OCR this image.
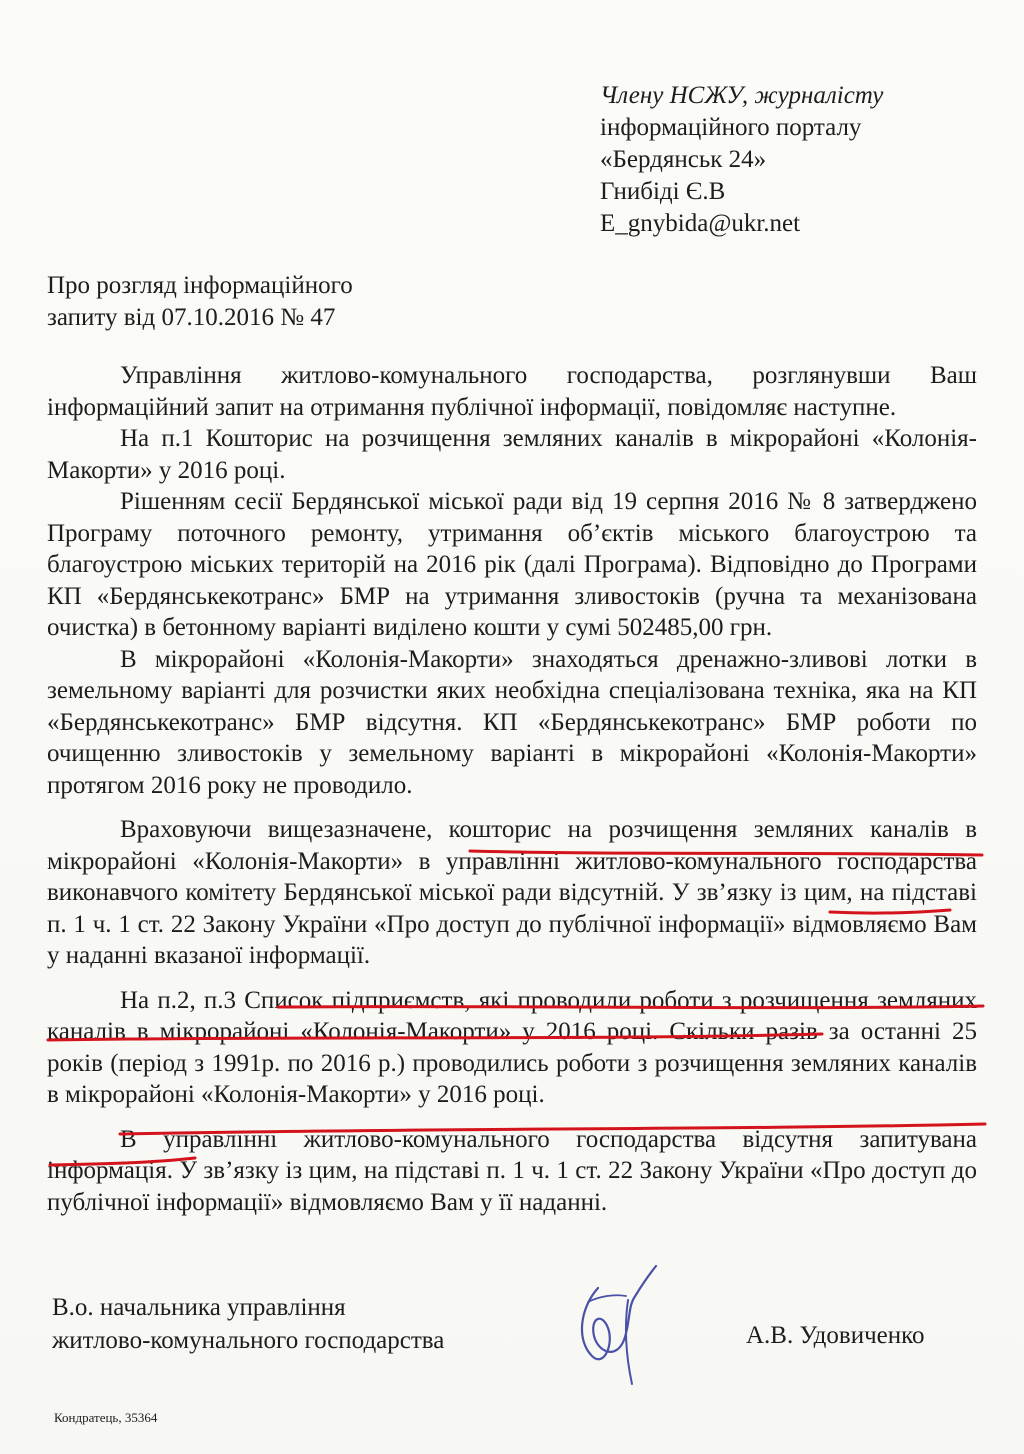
Члену НСЖУ, журналісту
інформаційного порталу
«Бердянськ 24»
Гнибіді Є.В
E_gnybida@ukr.net
Про розгляд інформаційного
запиту від 07.10.2016 № 47

Управління житлово-комунального господарства, розглянувши Ваш інформаційний запит на отримання публічної інформації, повідомляє наступне.

На п.1 Кошторис на розчищення земляних каналів в мікрорайоні «Колонія-Макорти» у 2016 році.

Рішенням сесії Бердянської міської ради від 19 серпня 2016 № 8 затверджено Програму поточного ремонту, утримання об’єктів міського благоустрою та благоустрою міських територій на 2016 рік (далі Програма). Відповідно до Програми КП «Бердянськекотранс» БМР на утримання зливостоків (ручна та механізована очистка) в бетонному варіанті виділено кошти у сумі 502485,00 грн.

В мікрорайоні «Колонія-Макорти» знаходяться дренажно-зливові лотки в земельному варіанті для розчистки яких необхідна спеціалізована техніка, яка на КП «Бердянськекотранс» БМР відсутня. КП «Бердянськекотранс» БМР роботи по очищенню зливостоків у земельному варіанті в мікрорайоні «Колонія-Макорти» протягом 2016 року не проводило.

Враховуючи вищезазначене, кошторис на розчищення земляних каналів в мікрорайоні «Колонія-Макорти» в управлінні житлово-комунального господарства виконавчого комітету Бердянської міської ради відсутній. У зв’язку із цим, на підставі п. 1 ч. 1 ст. 22 Закону України «Про доступ до публічної інформації» відмовляємо Вам у наданні вказаної інформації.

На п.2, п.3 Список підприємств, які проводили роботи з розчищення земляних каналів в мікрорайоні «Колонія-Макорти» у 2016 році. Скільки разів за останні 25 років (період з 1991р. по 2016 р.) проводились роботи з розчищення земляних каналів в мікрорайоні «Колонія-Макорти» у 2016 році.

В управлінні житлово-комунального господарства відсутня запитувана інформація. У зв’язку із цим, на підставі п. 1 ч. 1 ст. 22 Закону України «Про доступ до публічної інформації» відмовляємо Вам у її наданні.

В.о. начальника управління
житлово-комунального господарства	А.В. Удовиченко
Кондратець, 35364
